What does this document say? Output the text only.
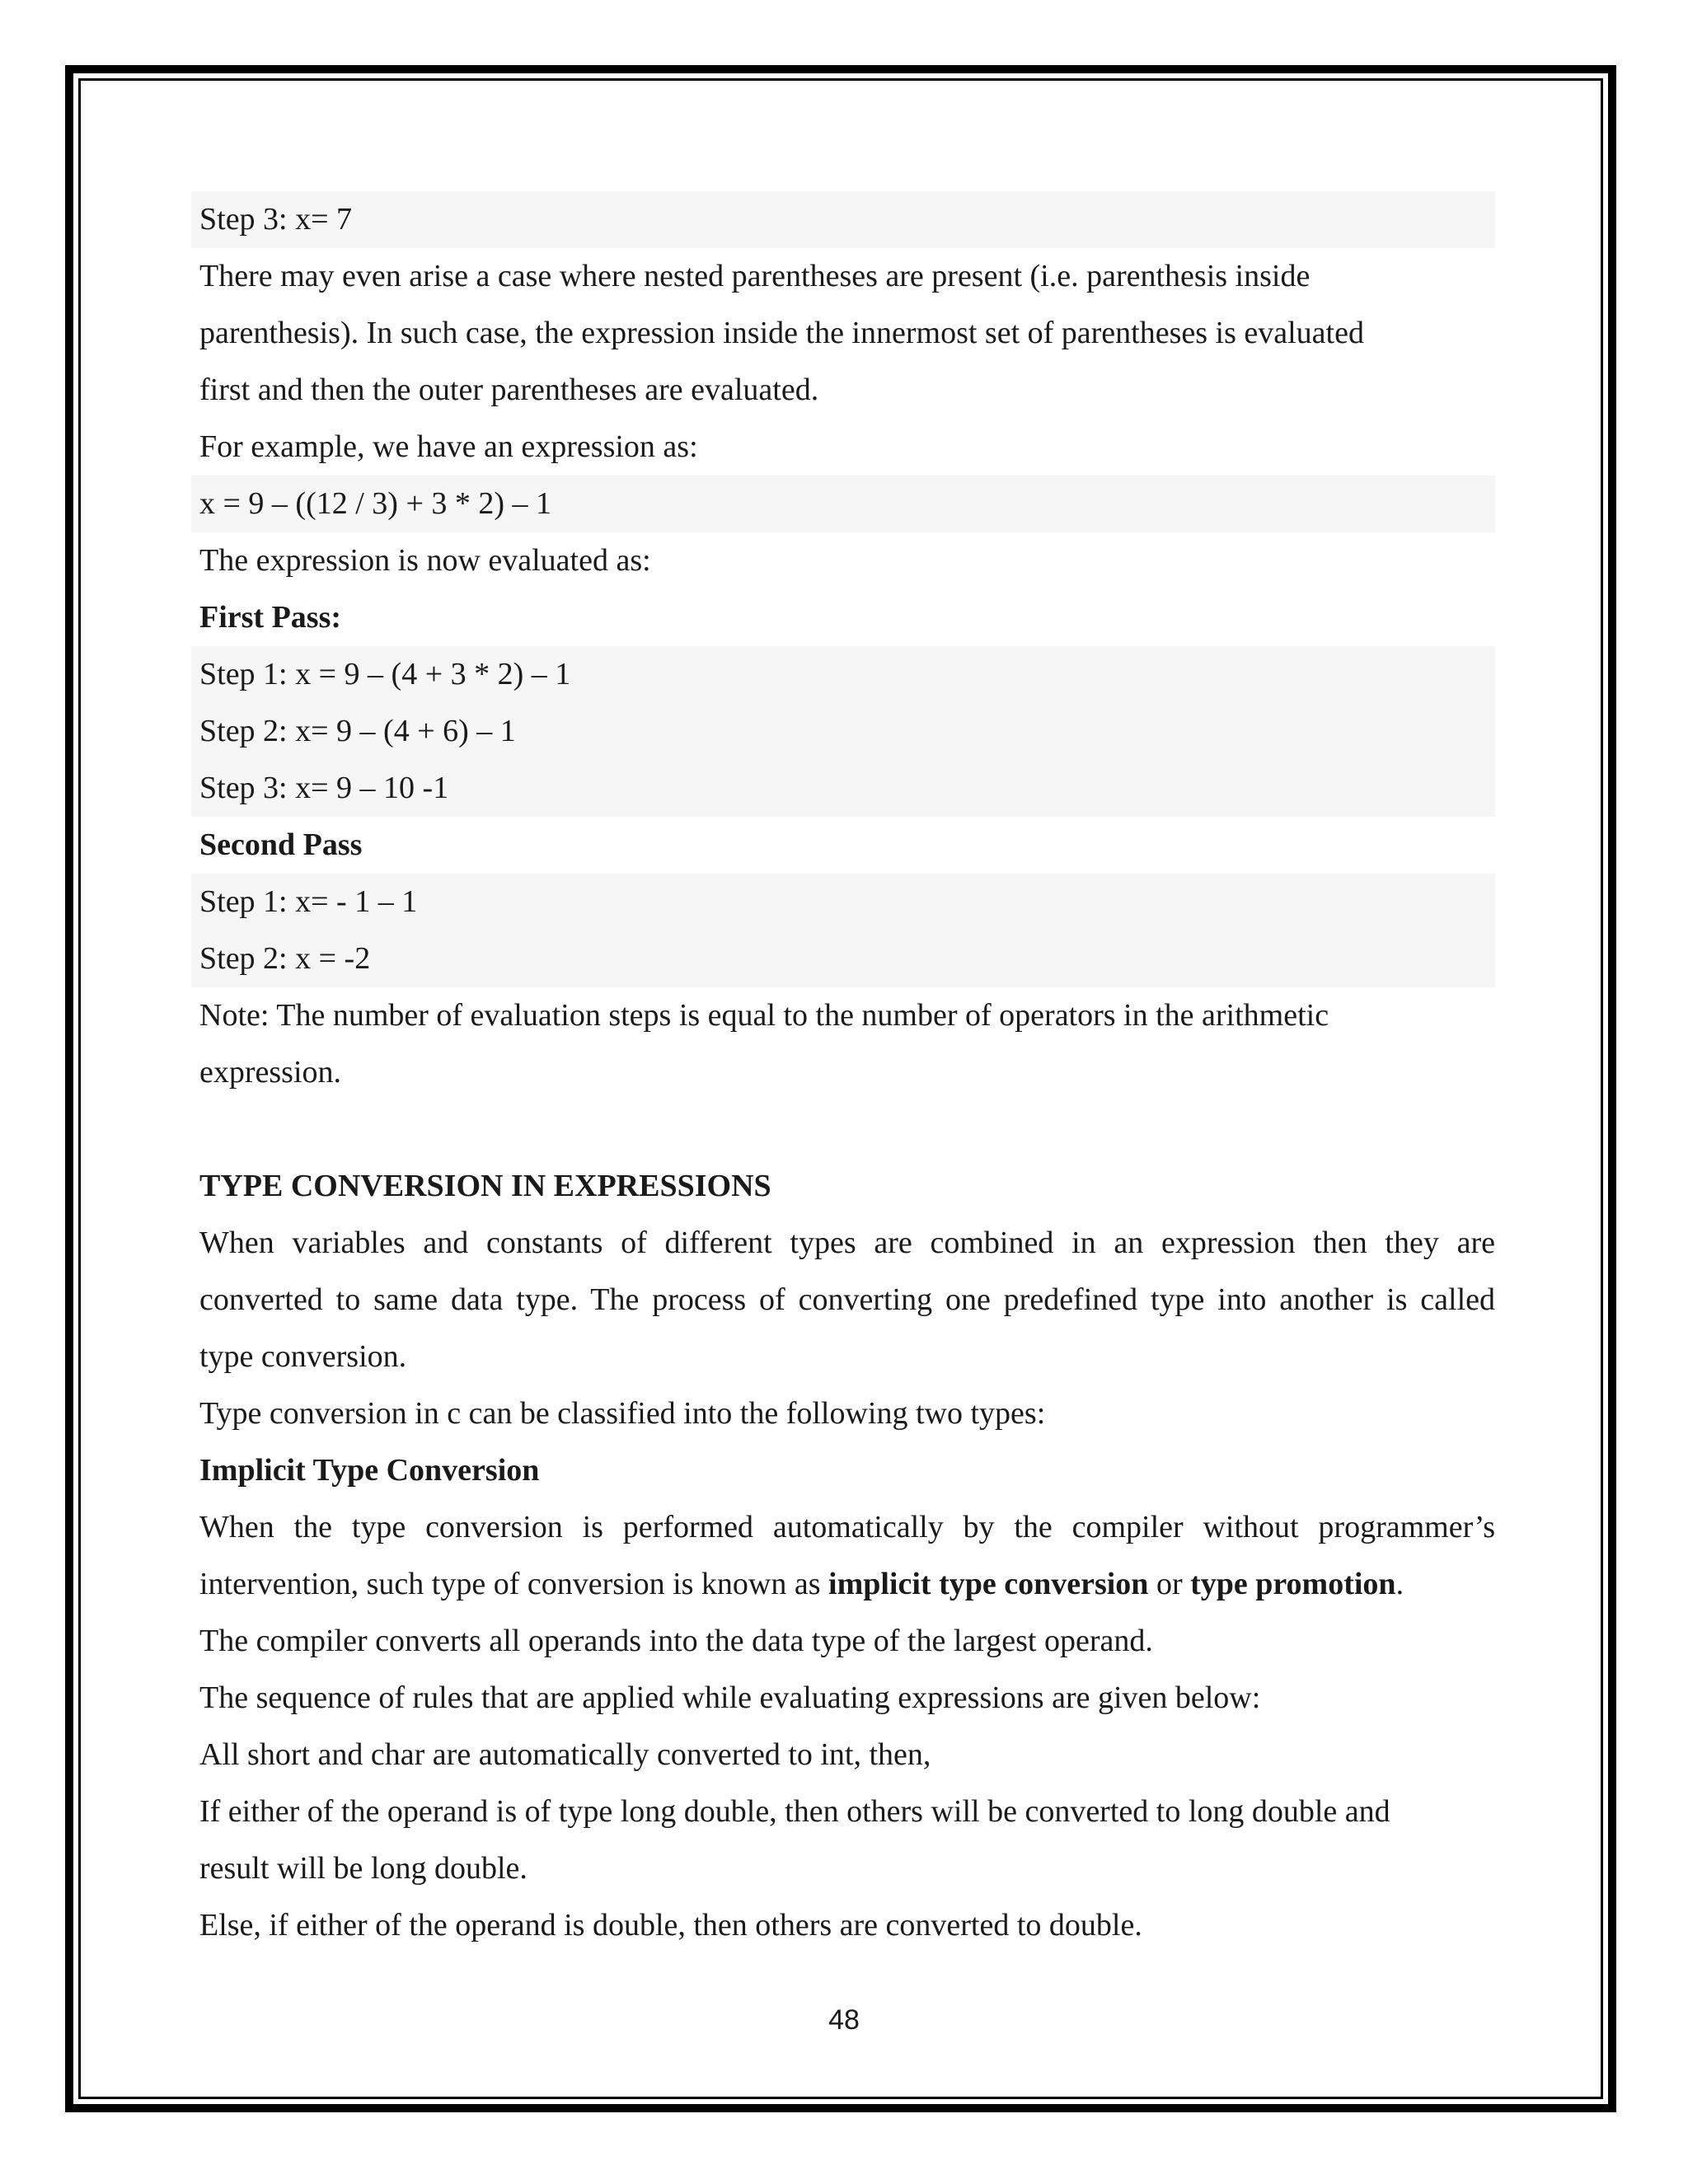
Step 3: x= 7
There may even arise a case where nested parentheses are present (i.e. parenthesis inside
parenthesis). In such case, the expression inside the innermost set of parentheses is evaluated
first and then the outer parentheses are evaluated.
For example, we have an expression as:
x = 9 – ((12 / 3) + 3 * 2) – 1
The expression is now evaluated as:
First Pass:
Step 1: x = 9 – (4 + 3 * 2) – 1
Step 2: x= 9 – (4 + 6) – 1
Step 3: x= 9 – 10 -1
Second Pass
Step 1: x= - 1 – 1
Step 2: x = -2
Note: The number of evaluation steps is equal to the number of operators in the arithmetic
expression.
TYPE CONVERSION IN EXPRESSIONS
When variables and constants of different types are combined in an expression then they are
converted to same data type. The process of converting one predefined type into another is called
type conversion.
Type conversion in c can be classified into the following two types:
Implicit Type Conversion
When the type conversion is performed automatically by the compiler without programmer’s
intervention, such type of conversion is known as implicit type conversion or type promotion.
The compiler converts all operands into the data type of the largest operand.
The sequence of rules that are applied while evaluating expressions are given below:
All short and char are automatically converted to int, then,
If either of the operand is of type long double, then others will be converted to long double and
result will be long double.
Else, if either of the operand is double, then others are converted to double.
48
